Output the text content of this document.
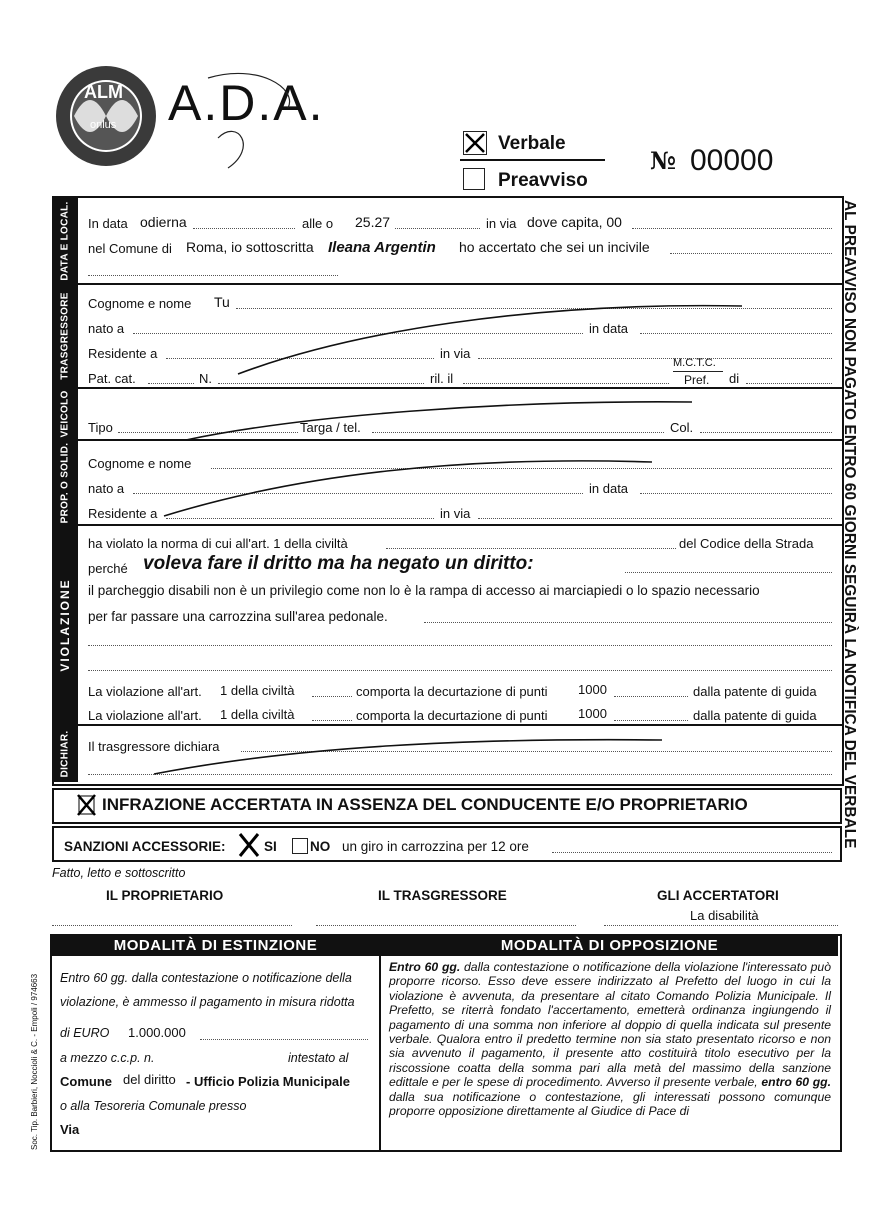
ALM
onlus A.D.A.
Verbale
Preavviso
№ 00000
AL PREAVVISO NON PAGATO ENTRO 60 GIORNI SEGUIRÀ LA NOTIFICA DEL VERBALE
DATA E LOCAL.
TRASGRESSORE
VEICOLO
PROP. O SOLID.
VIOLAZIONE
DICHIAR.
In data odierna	alle o 25.27	in via dove capita, 00
nel Comune di Roma, io sottoscritta Ileana Argentin ho accertato che sei un incivile
Cognome e nome Tu
nato a	in data
Residente a	in via
Pat. cat.	N.	ril. il
M.C.T.C.
Pref. di
Tipo	Targa / tel.	Col.
Cognome e nome
nato a	in data
Residente a	in via
ha violato la norma di cui all'art. 1 della civiltà	del Codice della Strada
perché voleva fare il dritto ma ha negato un diritto:
il parcheggio disabili non è un privilegio come non lo è la rampa di accesso ai marciapiedi o lo spazio necessario
per far passare una carrozzina sull'area pedonale.
La violazione all'art. 1 della civiltà	comporta la decurtazione di punti 1000	dalla patente di guida
La violazione all'art. 1 della civiltà	comporta la decurtazione di punti 1000	dalla patente di guida
Il trasgressore dichiara
INFRAZIONE ACCERTATA IN ASSENZA DEL CONDUCENTE E/O PROPRIETARIO
SANZIONI ACCESSORIE:	SI NO un giro in carrozzina per 12 ore
Fatto, letto e sottoscritto
IL PROPRIETARIO	IL TRASGRESSORE	GLI ACCERTATORI
La disabilità
MODALITÀ DI ESTINZIONE	MODALITÀ DI OPPOSIZIONE
Entro 60 gg. dalla contestazione o notificazione della violazione, è ammesso il pagamento in misura ridotta
di EURO 1.000.000
a mezzo c.c.p. n.	intestato al
Comune del diritto - Ufficio Polizia Municipale
o alla Tesoreria Comunale presso
Via
Entro 60 gg. dalla contestazione o notificazione della violazione l'interessato può proporre ricorso. Esso deve essere indirizzato al Prefetto del luogo in cui la violazione è avvenuta, da presentare al citato Comando Polizia Municipale. Il Prefetto, se riterrà fondato l'accertamento, emetterà ordinanza ingiungendo il pagamento di una somma non inferiore al doppio di quella indicata sul presente verbale. Qualora entro il predetto termine non sia stato presentato ricorso e non sia avvenuto il pagamento, il presente atto costituirà titolo esecutivo per la riscossione coatta della somma pari alla metà del massimo della sanzione edittale e per le spese di procedimento. Avverso il presente verbale, entro 60 gg. dalla sua notificazione o contestazione, gli interessati possono comunque proporre opposizione direttamente al Giudice di Pace di
Soc. Tip. Barbieri, Noccioli & C. - Empoli / 974663
